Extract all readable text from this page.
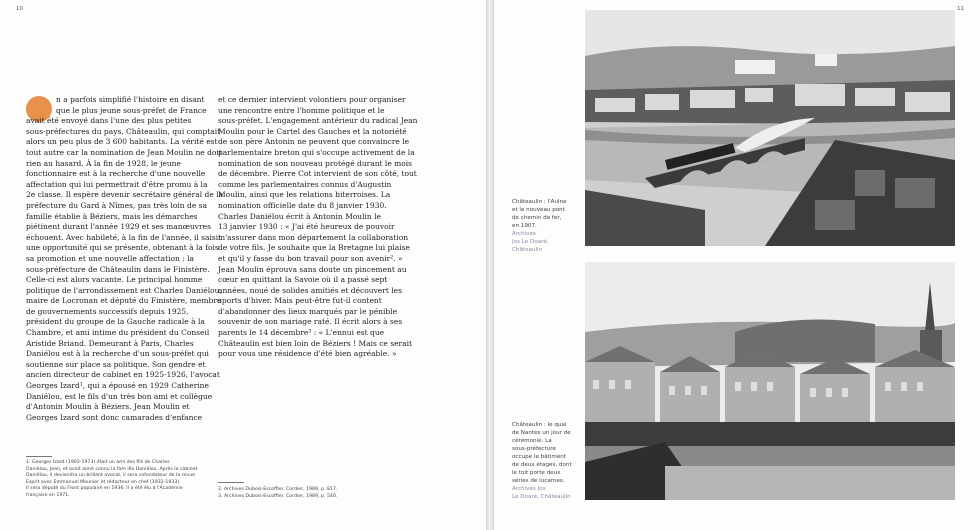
10	11

n a parfois simplifié l'histoire en disant

que le plus jeune sous-préfet de France

avait été envoyé dans l'une des plus petites

sous-préfectures du pays, Châteaulin, qui comptait

alors un peu plus de 3 600 habitants. La vérité est

tout autre car la nomination de Jean Moulin ne doit

rien au hasard. À la fin de 1928, le jeune

fonctionnaire est à la recherche d'une nouvelle

affectation qui lui permettrait d'être promu à la

2e classe. Il espère devenir secrétaire général de la

préfecture du Gard à Nîmes, pas très loin de sa

famille établie à Béziers, mais les démarches

piétinent durant l'année 1929 et ses manœuvres

échouent. Avec habileté, à la fin de l'année, il saisit

une opportunité qui se présente, obtenant à la fois

sa promotion et une nouvelle affectation : la

sous-préfecture de Châteaulin dans le Finistère.

Celle-ci est alors vacante. Le principal homme

politique de l'arrondissement est Charles Daniélou,

maire de Locronan et député du Finistère, membre

de gouvernements successifs depuis 1925,

président du groupe de la Gauche radicale à la

Chambre, et ami intime du président du Conseil

Aristide Briand. Demeurant à Paris, Charles

Daniélou est à la recherche d'un sous-préfet qui

soutienne sur place sa politique. Son gendre et

ancien directeur de cabinet en 1925-1926, l'avocat

Georges Izard¹, qui a épousé en 1929 Catherine

Daniélou, est le fils d'un très bon ami et collègue

d'Antonin Moulin à Béziers. Jean Moulin et

Georges Izard sont donc camarades d'enfance

et ce dernier intervient volontiers pour organiser

une rencontre entre l'homme politique et le

sous-préfet. L'engagement antérieur du radical Jean

Moulin pour le Cartel des Gauches et la notoriété

de son père Antonin ne peuvent que convaincre le

parlementaire breton qui s'occupe activement de la

nomination de son nouveau protégé durant le mois

de décembre. Pierre Cot intervient de son côté, tout

comme les parlementaires connus d'Augustin

Moulin, ainsi que les relations biterroises. La

nomination officielle date du 8 janvier 1930.

Charles Daniélou écrit à Antonin Moulin le

13 janvier 1930 : « J'ai été heureux de pouvoir

m'assurer dans mon département la collaboration

de votre fils. Je souhaite que la Bretagne lui plaise

et qu'il y fasse du bon travail pour son avenir². »

Jean Moulin éprouva sans doute un pincement au

cœur en quittant la Savoie où il a passé sept

années, noué de solides amitiés et découvert les

sports d'hiver. Mais peut-être fut-il content

d'abandonner des lieux marqués par le pénible

souvenir de son mariage raté. Il écrit alors à ses

parents le 14 décembre³ : « L'ennui est que

Châteaulin est bien loin de Béziers ! Mais ce serait

pour vous une résidence d'été bien agréable. »

1. Georges Izard (1903-1973) était un ami des fils de Charles

Daniélou, Jean, et avait aimé connu la fam ille Daniélou. Après le cabinet

Daniélou, il deviendra un brillant avocat, il sera cofondateur de la revue

Esprit avec Emmanuel Mounier et rédacteur en chef (1932-1933).

Il sera député du Front populaire en 1936. Il a été élu à l'Académie

française en 1971.

2. Archives Dubois-Escoffier. Cordier, 1989, p. 817.

3. Archives Dubois-Escoffier. Cordier, 1989, p. 540.

Châteaulin : l'Aulne

et le nouveau pont

de chemin de fer,

en 1907.

Archives

Jos Le Doaré,

Châteaulin

Châteaulin : le quai

de Nantes un jour de

cérémonie. La

sous-préfecture

occupe le bâtiment

de deux étages, dont

le toit porte deux

séries de lucarnes.

Archives Jos

Le Doaré, Châteaulin
